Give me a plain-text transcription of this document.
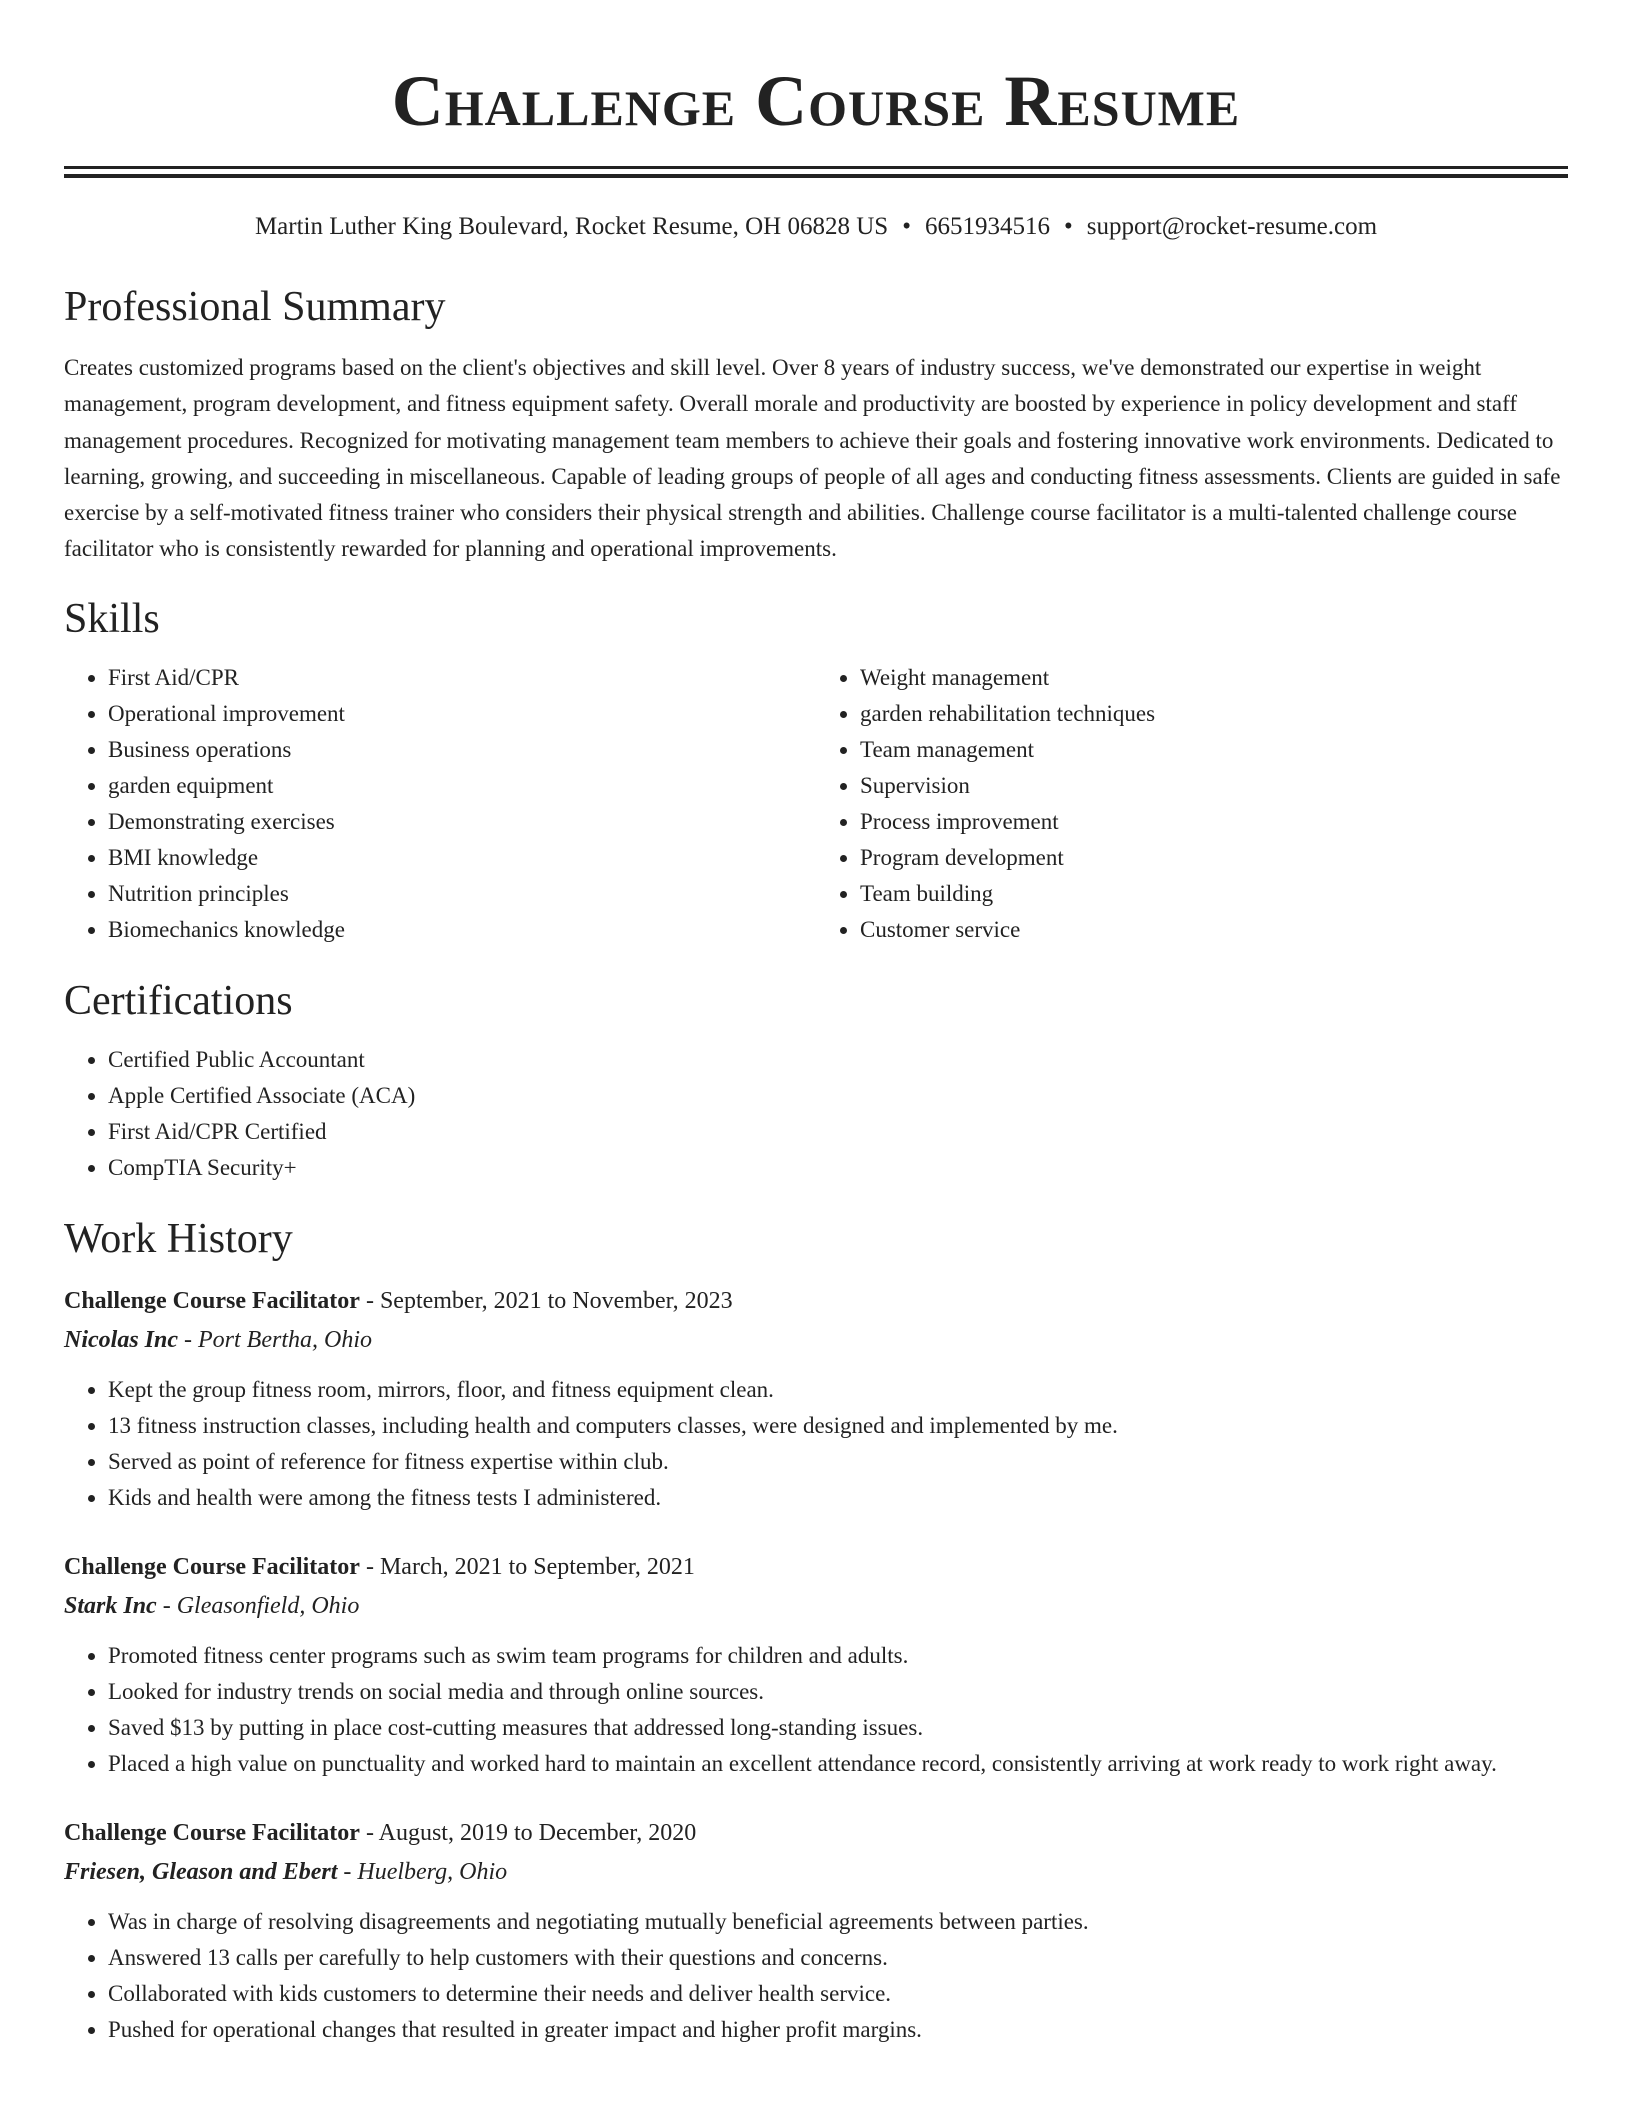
Challenge Course Resume
Martin Luther King Boulevard, Rocket Resume, OH 06828 US • 6651934516 • support@rocket-resume.com
Professional Summary

Creates customized programs based on the client's objectives and skill level. Over 8 years of industry success, we've demonstrated our expertise in weight management, program development, and fitness equipment safety. Overall morale and productivity are boosted by experience in policy development and staff management procedures. Recognized for motivating management team members to achieve their goals and fostering innovative work environments. Dedicated to learning, growing, and succeeding in miscellaneous. Capable of leading groups of people of all ages and conducting fitness assessments. Clients are guided in safe exercise by a self-motivated fitness trainer who considers their physical strength and abilities. Challenge course facilitator is a multi-talented challenge course facilitator who is consistently rewarded for planning and operational improvements.

Skills
• First Aid/CPR
• Operational improvement
• Business operations
• garden equipment
• Demonstrating exercises
• BMI knowledge
• Nutrition principles
• Biomechanics knowledge
• Weight management
• garden rehabilitation techniques
• Team management
• Supervision
• Process improvement
• Program development
• Team building
• Customer service
Certifications
• Certified Public Accountant
• Apple Certified Associate (ACA)
• First Aid/CPR Certified
• CompTIA Security+
Work History
Challenge Course Facilitator - September, 2021 to November, 2023
Nicolas Inc - Port Bertha, Ohio
• Kept the group fitness room, mirrors, floor, and fitness equipment clean.
• 13 fitness instruction classes, including health and computers classes, were designed and implemented by me.
• Served as point of reference for fitness expertise within club.
• Kids and health were among the fitness tests I administered.
Challenge Course Facilitator - March, 2021 to September, 2021
Stark Inc - Gleasonfield, Ohio
• Promoted fitness center programs such as swim team programs for children and adults.
• Looked for industry trends on social media and through online sources.
• Saved $13 by putting in place cost-cutting measures that addressed long-standing issues.
• Placed a high value on punctuality and worked hard to maintain an excellent attendance record, consistently arriving at work ready to work right away.
Challenge Course Facilitator - August, 2019 to December, 2020
Friesen, Gleason and Ebert - Huelberg, Ohio
• Was in charge of resolving disagreements and negotiating mutually beneficial agreements between parties.
• Answered 13 calls per carefully to help customers with their questions and concerns.
• Collaborated with kids customers to determine their needs and deliver health service.
• Pushed for operational changes that resulted in greater impact and higher profit margins.
